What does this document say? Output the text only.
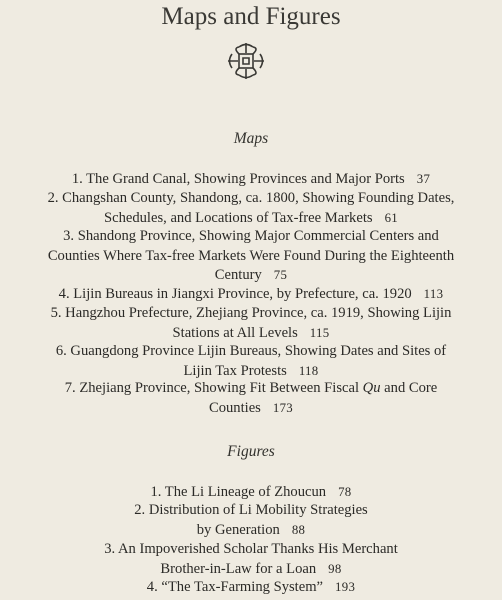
Maps and Figures
Maps
1. The Grand Canal, Showing Provinces and Major Ports 37
2. Changshan County, Shandong, ca. 1800, Showing Founding Dates,
Schedules, and Locations of Tax-free Markets 61
3. Shandong Province, Showing Major Commercial Centers and
Counties Where Tax-free Markets Were Found During the Eighteenth
Century 75
4. Lijin Bureaus in Jiangxi Province, by Prefecture, ca. 1920 113
5. Hangzhou Prefecture, Zhejiang Province, ca. 1919, Showing Lijin
Stations at All Levels 115
6. Guangdong Province Lijin Bureaus, Showing Dates and Sites of
Lijin Tax Protests 118
7. Zhejiang Province, Showing Fit Between Fiscal Qu and Core
Counties 173
Figures
1. The Li Lineage of Zhoucun 78
2. Distribution of Li Mobility Strategies
by Generation 88
3. An Impoverished Scholar Thanks His Merchant
Brother-in-Law for a Loan 98
4. “The Tax-Farming System” 193
